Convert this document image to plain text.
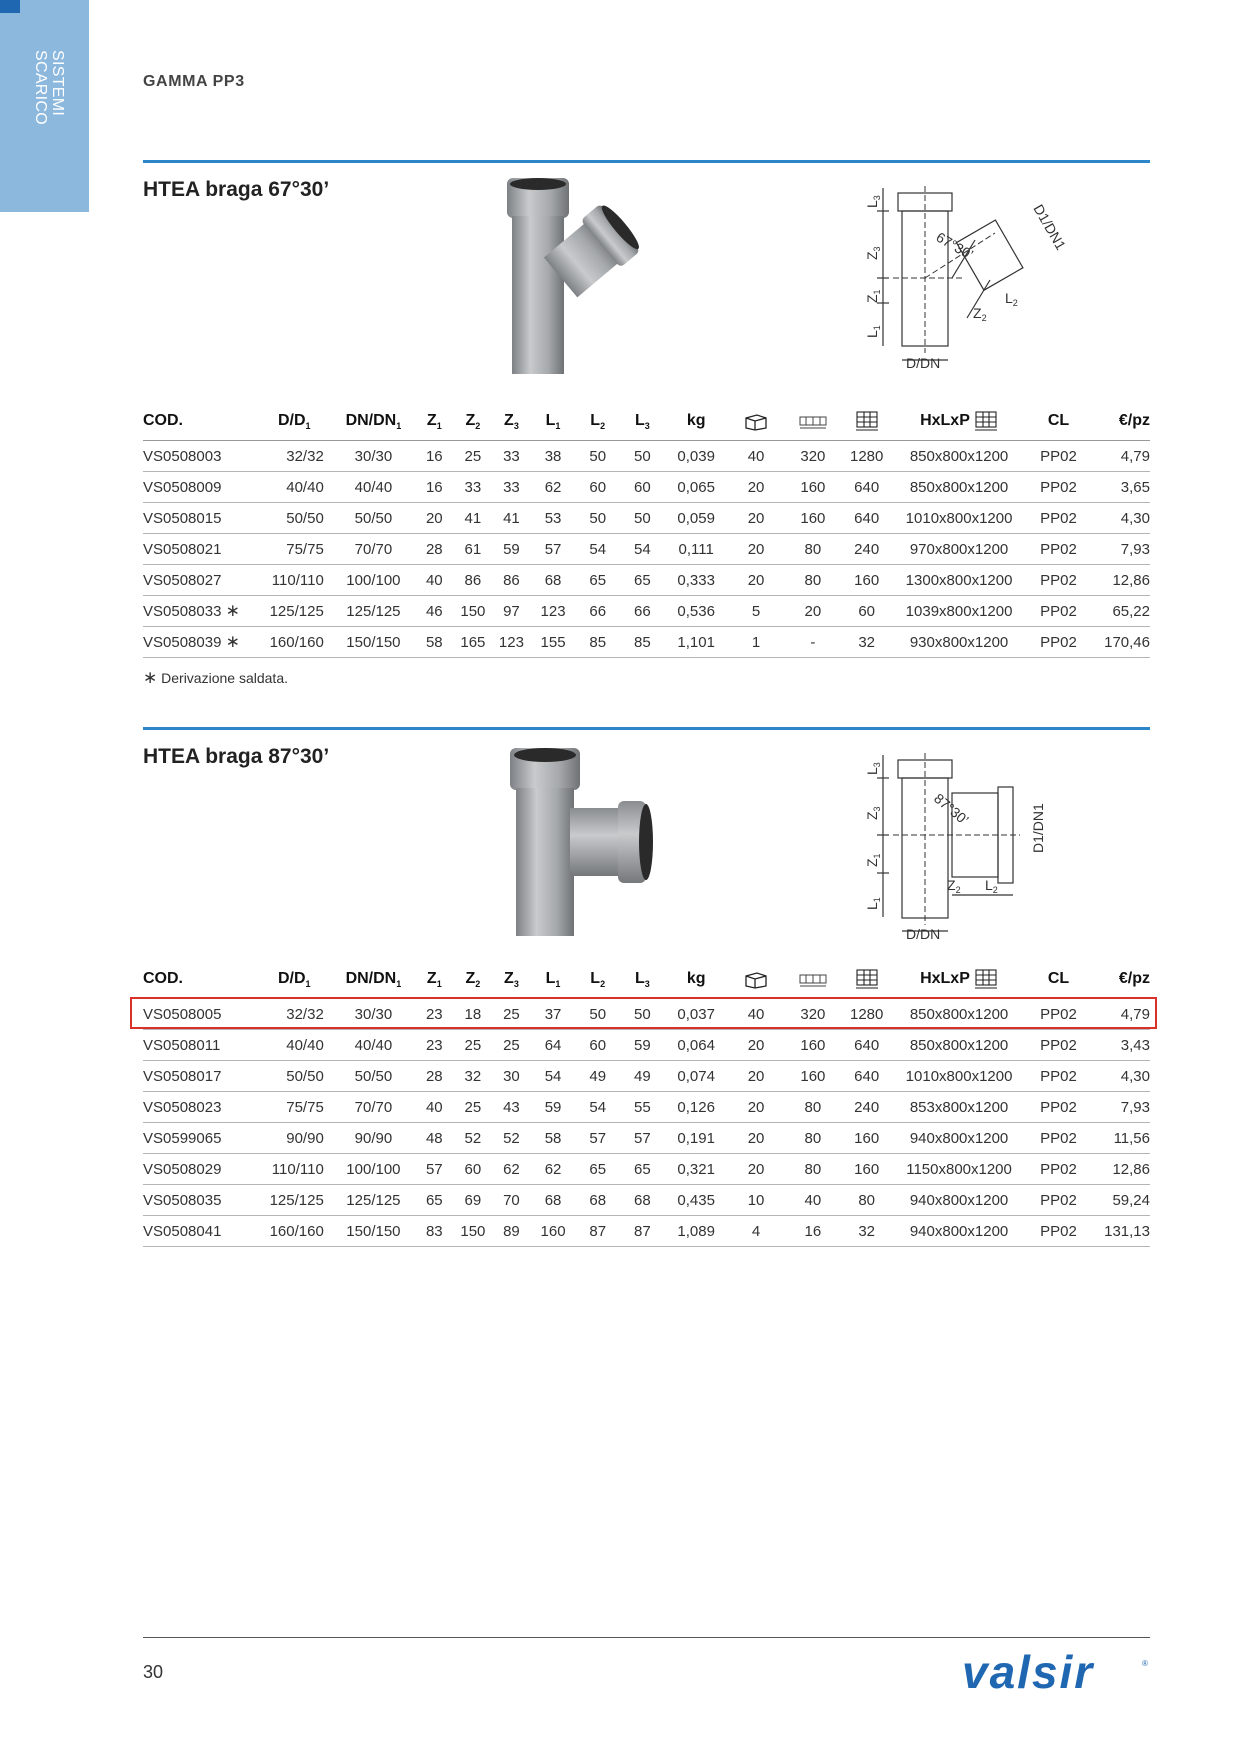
SISTEMI
SCARICO	GAMMA PP3
HTEA braga 67°30’
$L_3$
$Z_3$
$Z_1$
$L_1$
D/DN
67°30’	D1/DN1
$Z_2$
$L_2$
COD.	$D/D_1$	$DN/DN_1$	$Z_1$	$Z_2$	$Z_3$	$L_1$	$L_2$	$L_3$	kg				HxLxP	CL	€/pz
VS0508003	32/32	30/30	16	25	33	38	50	50	0,039	40	320	1280	850x800x1200	PP02	4,79
VS0508009	40/40	40/40	16	33	33	62	60	60	0,065	20	160	640	850x800x1200	PP02	3,65
VS0508015	50/50	50/50	20	41	41	53	50	50	0,059	20	160	640	1010x800x1200	PP02	4,30
VS0508021	75/75	70/70	28	61	59	57	54	54	0,111	20	80	240	970x800x1200	PP02	7,93
VS0508027	110/110	100/100	40	86	86	68	65	65	0,333	20	80	160	1300x800x1200	PP02	12,86
VS0508033 ∗	125/125	125/125	46	150	97	123	66	66	0,536	5	20	60	1039x800x1200	PP02	65,22
VS0508039 ∗	160/160	150/150	58	165	123	155	85	85	1,101	1	-	32	930x800x1200	PP02	170,46
∗ Derivazione saldata.
HTEA braga 87°30’
$L_3$
$Z_3$
$Z_1$
$L_1$
D/DN
87°30’	D1/DN1
$Z_2$ $L_2$
COD.	$D/D_1$	$DN/DN_1$	$Z_1$	$Z_2$	$Z_3$	$L_1$	$L_2$	$L_3$	kg				HxLxP	CL	€/pz
VS0508005	32/32	30/30	23	18	25	37	50	50	0,037	40	320	1280	850x800x1200	PP02	4,79
VS0508011	40/40	40/40	23	25	25	64	60	59	0,064	20	160	640	850x800x1200	PP02	3,43
VS0508017	50/50	50/50	28	32	30	54	49	49	0,074	20	160	640	1010x800x1200	PP02	4,30
VS0508023	75/75	70/70	40	25	43	59	54	55	0,126	20	80	240	853x800x1200	PP02	7,93
VS0599065	90/90	90/90	48	52	52	58	57	57	0,191	20	80	160	940x800x1200	PP02	11,56
VS0508029	110/110	100/100	57	60	62	62	65	65	0,321	20	80	160	1150x800x1200	PP02	12,86
VS0508035	125/125	125/125	65	69	70	68	68	68	0,435	10	40	80	940x800x1200	PP02	59,24
VS0508041	160/160	150/150	83	150	89	160	87	87	1,089	4	16	32	940x800x1200	PP02	131,13
30	valsir	®
